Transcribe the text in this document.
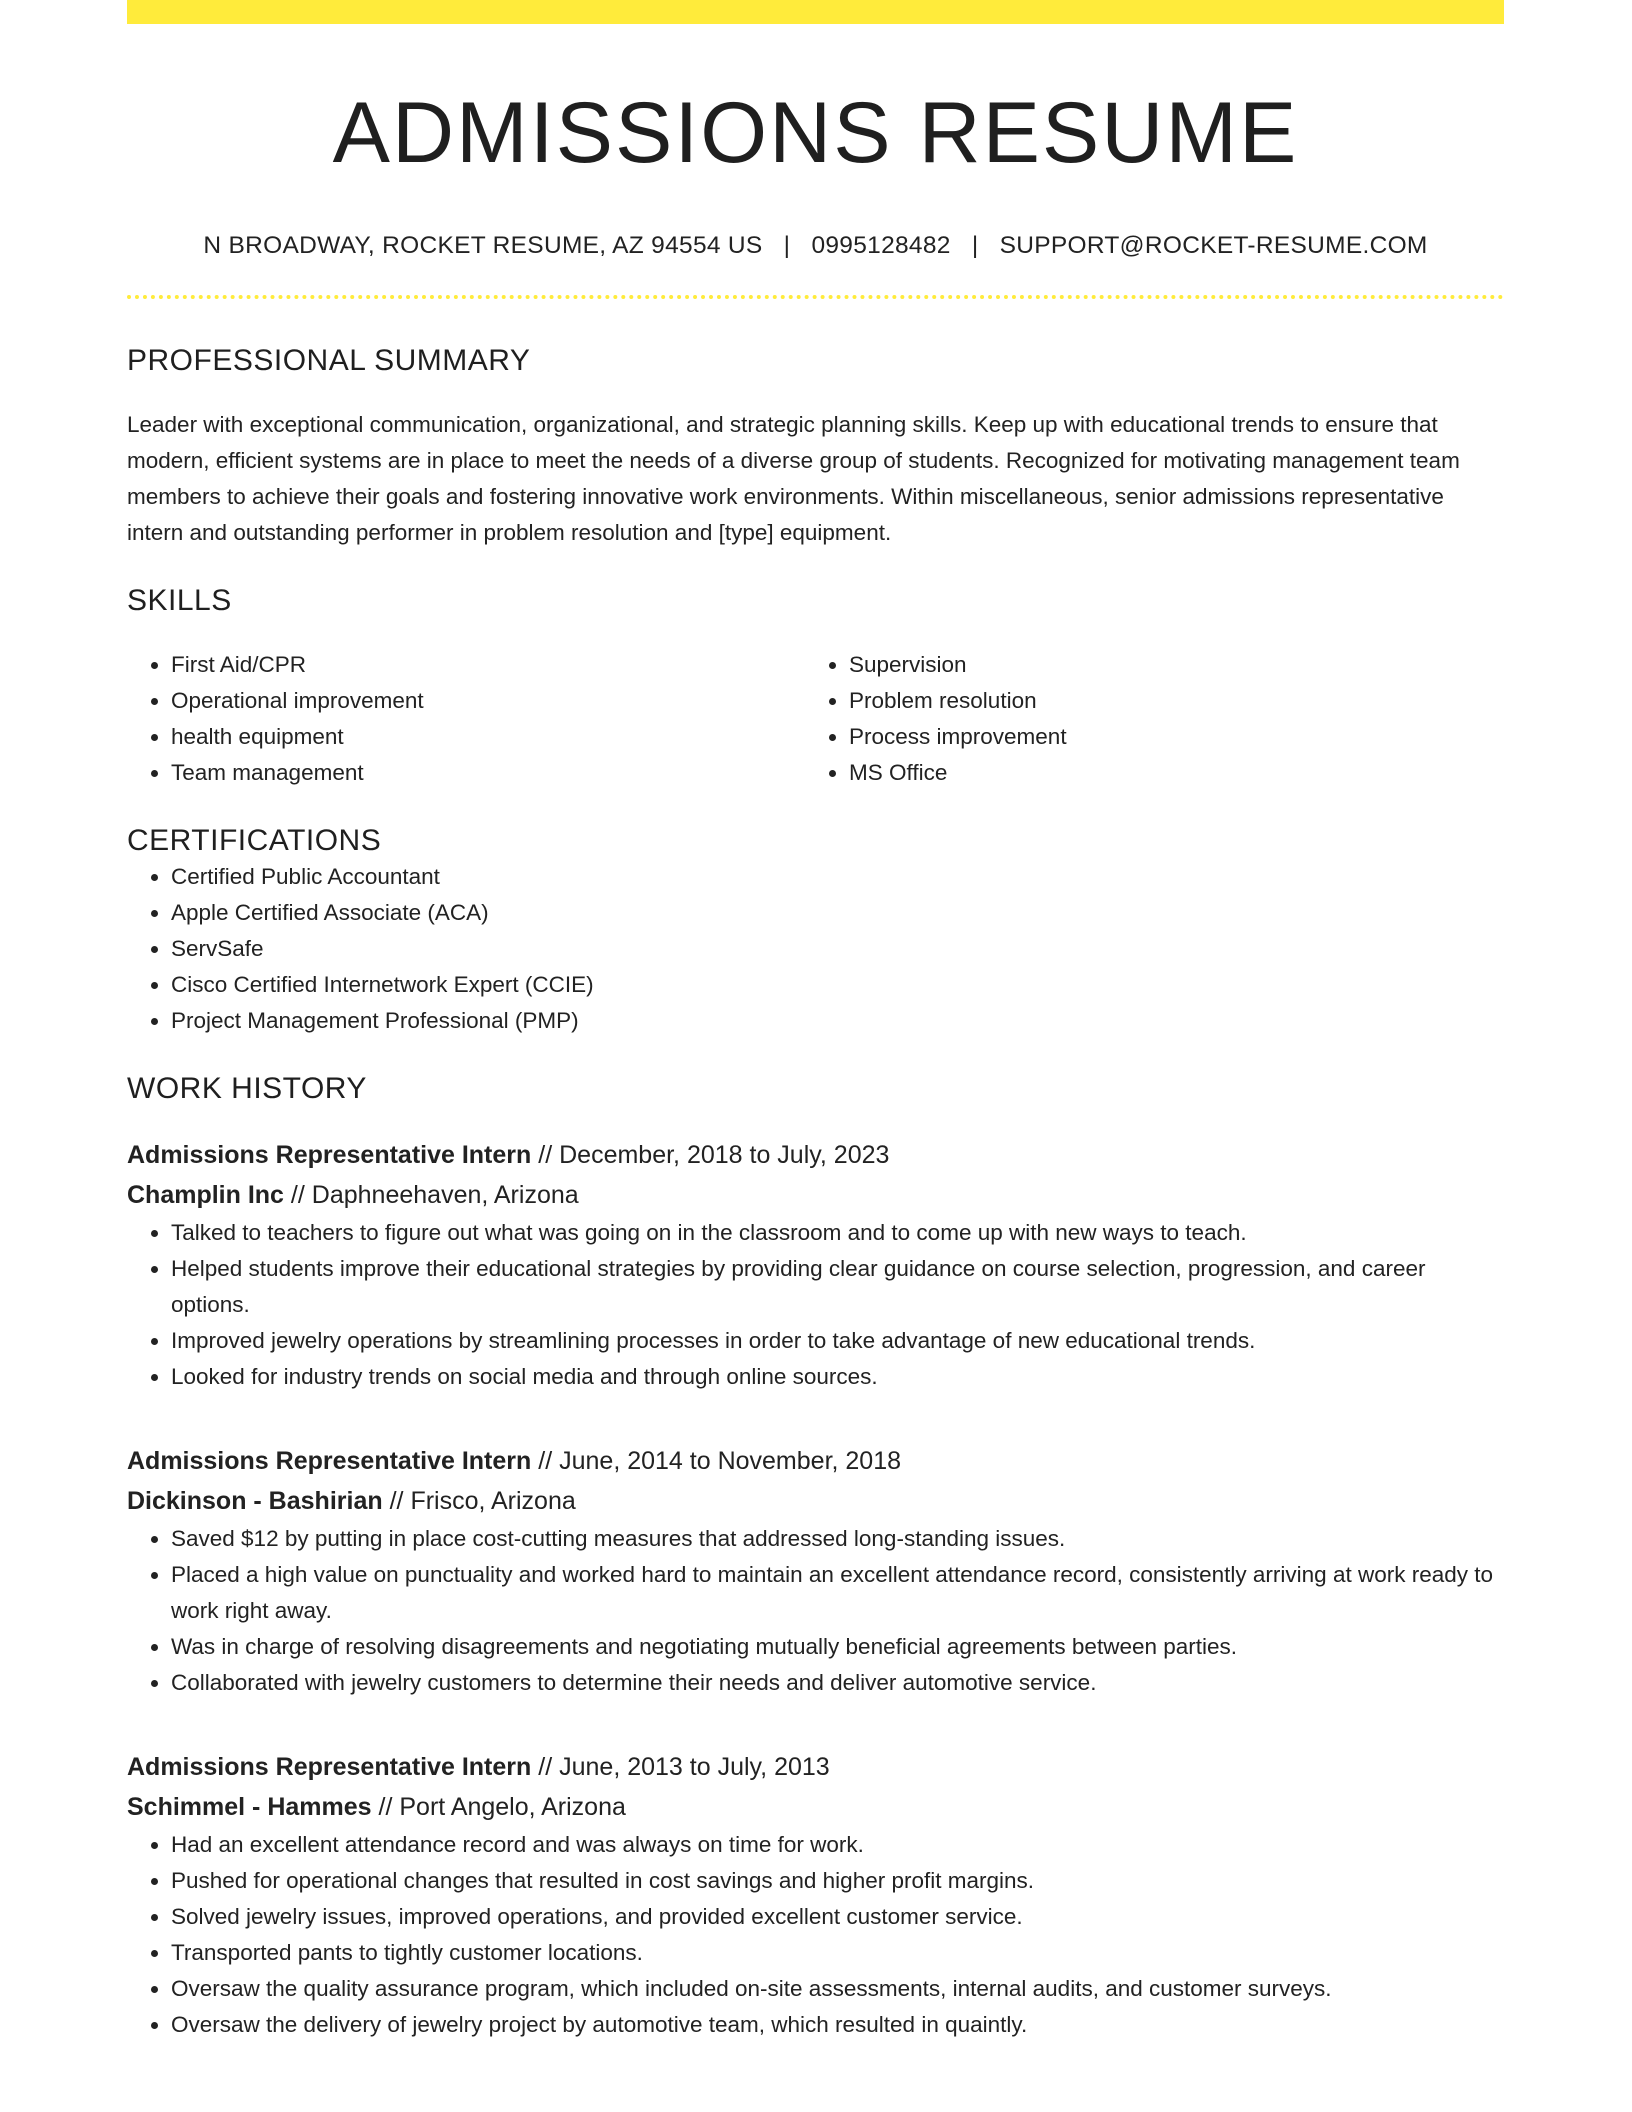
ADMISSIONS RESUME
N BROADWAY, ROCKET RESUME, AZ 94554 US | 0995128482 | SUPPORT@ROCKET-RESUME.COM
PROFESSIONAL SUMMARY

Leader with exceptional communication, organizational, and strategic planning skills. Keep up with educational trends to ensure that modern, efficient systems are in place to meet the needs of a diverse group of students. Recognized for motivating management team members to achieve their goals and fostering innovative work environments. Within miscellaneous, senior admissions representative intern and outstanding performer in problem resolution and [type] equipment.

SKILLS
• First Aid/CPR
• Operational improvement
• health equipment
• Team management
• Supervision
• Problem resolution
• Process improvement
• MS Office
CERTIFICATIONS
• Certified Public Accountant
• Apple Certified Associate (ACA)
• ServSafe
• Cisco Certified Internetwork Expert (CCIE)
• Project Management Professional (PMP)
WORK HISTORY
Admissions Representative Intern // December, 2018 to July, 2023
Champlin Inc // Daphneehaven, Arizona
• Talked to teachers to figure out what was going on in the classroom and to come up with new ways to teach.
• Helped students improve their educational strategies by providing clear guidance on course selection, progression, and career options.
• Improved jewelry operations by streamlining processes in order to take advantage of new educational trends.
• Looked for industry trends on social media and through online sources.
Admissions Representative Intern // June, 2014 to November, 2018
Dickinson - Bashirian // Frisco, Arizona
• Saved $12 by putting in place cost-cutting measures that addressed long-standing issues.
• Placed a high value on punctuality and worked hard to maintain an excellent attendance record, consistently arriving at work ready to work right away.
• Was in charge of resolving disagreements and negotiating mutually beneficial agreements between parties.
• Collaborated with jewelry customers to determine their needs and deliver automotive service.
Admissions Representative Intern // June, 2013 to July, 2013
Schimmel - Hammes // Port Angelo, Arizona
• Had an excellent attendance record and was always on time for work.
• Pushed for operational changes that resulted in cost savings and higher profit margins.
• Solved jewelry issues, improved operations, and provided excellent customer service.
• Transported pants to tightly customer locations.
• Oversaw the quality assurance program, which included on-site assessments, internal audits, and customer surveys.
• Oversaw the delivery of jewelry project by automotive team, which resulted in quaintly.
